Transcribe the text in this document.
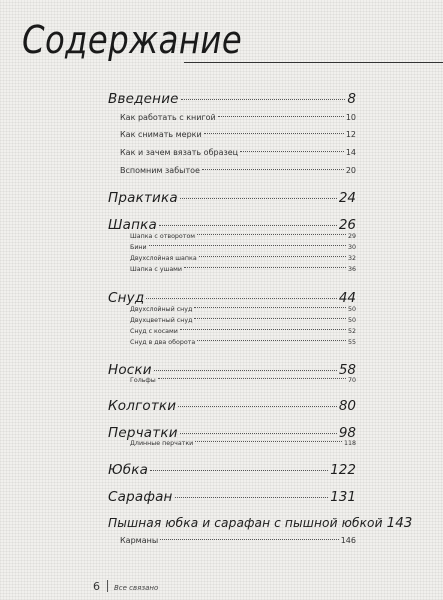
Содержание
Введение	8
Как работать с книгой	10
Как снимать мерки	12
Как и зачем вязать образец	14
Вспомним забытое	20
Практика	24
Шапка	26
Шапка с отворотом	29
Бини	30
Двухслойная шапка	32
Шапка с ушами	36
Снуд	44
Двухслойный снуд	50
Двухцветный снуд	50
Снуд с косами	52
Снуд в два оборота	55
Носки	58
Гольфы	70
Колготки	80
Перчатки	98
Длинные перчатки	118
Юбка	122
Сарафан	131
Пышная юбка и сарафан с пышной юбкой 143
Карманы	146
6 Все связано
